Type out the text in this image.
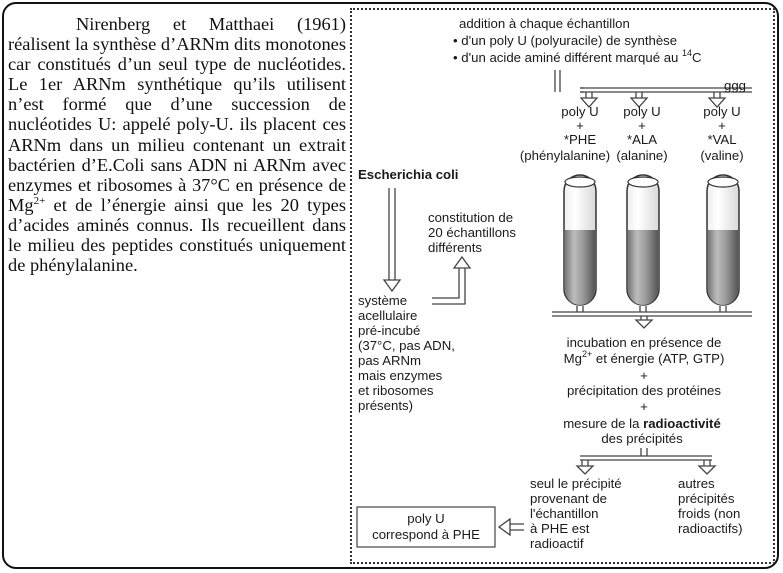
Nirenberg et Matthaei (1961) réalisent la synthèse d’ARNm dits monotones car constitués d’un seul type de nucléotides. Le 1er ARNm synthétique qu’ils utilisent n’est formé que d’une succession de nucléotides U: appelé poly-U. ils placent ces ARNm dans un milieu contenant un extrait bactérien d’E.Coli sans ADN ni ARNm avec enzymes et ribosomes à 37°C en présence de $Mg^{2+}$ et de l’énergie ainsi que les 20 types d’acides aminés connus. Ils recueillent dans le milieu des peptides constitués uniquement de phénylalanine.

addition à chaque échantillon
• d'un poly U (polyuracile) de synthèse
• d'un acide aminé différent marqué au $^{14}$C
ggg
poly U
+
*PHE
(phénylalanine)
poly U
+
*ALA
(alanine)
poly U
+
*VAL
(valine)
Escherichia coli
constitution de
20 échantillons
différents
système
acellulaire
pré-incubé
(37°C, pas ADN,
pas ARNm
mais enzymes
et ribosomes
présents)
incubation en présence de
$Mg^{2+}$ et énergie (ATP, GTP)
+
précipitation des protéines
+
mesure de la radioactivité
des précipités
seul le précipité
provenant de
l'échantillon
à PHE est
radioactif
autres
précipités
froids (non
radioactifs)
poly U
correspond à PHE
